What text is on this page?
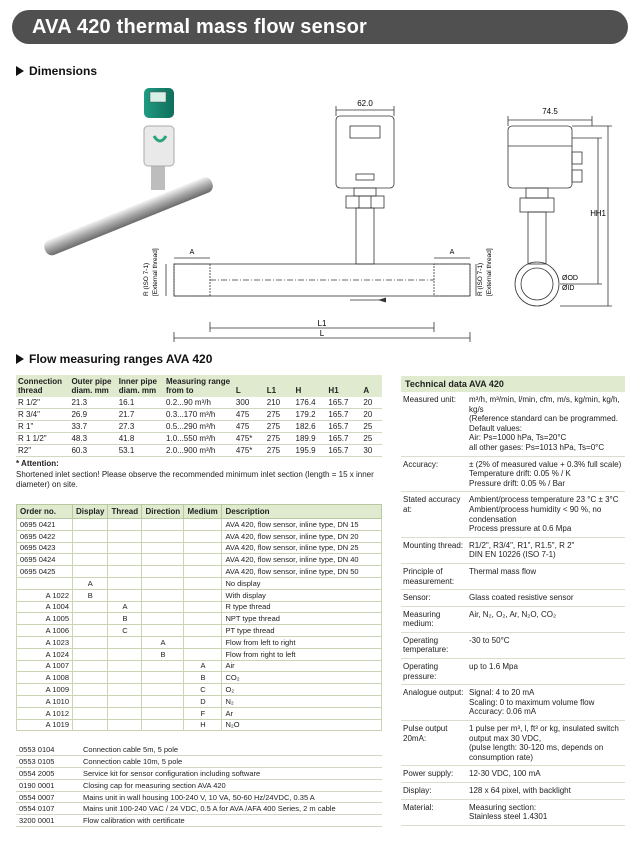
AVA 420 thermal mass flow sensor
Dimensions
62.0
74.5
A	A
L1
L
H H1
ØOD
ØID
R (ISO 7-1) [External thread]	R (ISO 7-1) [External thread]
Flow measuring ranges AVA 420
Connection thread	Outer pipe diam. mm	Inner pipe diam. mm	Measuring range from to	L	L1	H	H1	A
R 1/2"	21.3	16.1	0.2...90 m³/h	300	210	176.4	165.7	20
R 3/4"	26.9	21.7	0.3...170 m³/h	475	275	179.2	165.7	20
R 1"	33.7	27.3	0.5...290 m³/h	475	275	182.6	165.7	25
R 1 1/2"	48.3	41.8	1.0...550 m³/h	475*	275	189.9	165.7	25
R2"	60.3	53.1	2.0...900 m³/h	475*	275	195.9	165.7	30
* Attention:
Shortened inlet section! Please observe the recommended minimum inlet section (length = 15 x inner diameter) on site.
Order no.	Display	Thread	Direction	Medium	Description
0695 0421					AVA 420, flow sensor, inline type, DN 15
0695 0422					AVA 420, flow sensor, inline type, DN 20
0695 0423					AVA 420, flow sensor, inline type, DN 25
0695 0424					AVA 420, flow sensor, inline type, DN 40
0695 0425					AVA 420, flow sensor, inline type, DN 50
	A				No display
A 1022	B				With display
A 1004		A			R type thread
A 1005		B			NPT type thread
A 1006		C			PT type thread
A 1023			A		Flow from left to right
A 1024			B		Flow from right to left
A 1007				A	Air
A 1008				B	CO₂
A 1009				C	O₂
A 1010				D	N₂
A 1012				F	Ar
A 1019				H	N₂O
0553 0104	Connection cable 5m, 5 pole
0553 0105	Connection cable 10m, 5 pole
0554 2005	Service kit for sensor configuration including software
0190 0001	Closing cap for measuring section AVA 420
0554 0007	Mains unit in wall housing 100-240 V, 10 VA, 50-60 Hz/24VDC, 0.35 A
0554 0107	Mains unit 100-240 VAC / 24 VDC, 0.5 A for AVA /AFA 400 Series, 2 m cable
3200 0001	Flow calibration with certificate
Technical data AVA 420
Measured unit:	m³/h, m³/min, l/min, cfm, m/s, kg/min, kg/h, kg/s
(Reference standard can be programmed. Default values:
Air: Ps=1000 hPa, Ts=20°C
all other gases: Ps=1013 hPa, Ts=0°C
Accuracy:	± (2% of measured value + 0.3% full scale)
Temperature drift: 0.05 % / K
Pressure drift: 0.05 % / Bar
Stated accuracy at:	Ambient/process temperature 23 °C ± 3°C
Ambient/process humidity < 90 %, no condensation
Process pressure at 0.6 Mpa
Mounting thread:	R1/2", R3/4", R1", R1.5", R 2"
DIN EN 10226 (ISO 7-1)
Principle of measurement:	Thermal mass flow
Sensor:	Glass coated resistive sensor
Measuring medium:	Air, N₂, O₂, Ar, N₂O, CO₂
Operating temperature:	-30 to 50°C
Operating pressure:	up to 1.6 Mpa
Analogue output:	Signal: 4 to 20 mA
Scaling: 0 to maximum volume flow
Accuracy: 0.06 mA
Pulse output 20mA:	1 pulse per m³, l, ft³ or kg, insulated switch output max 30 VDC,
(pulse length: 30-120 ms, depends on consumption rate)
Power supply:	12-30 VDC, 100 mA
Display:	128 x 64 pixel, with backlight
Material:	Measuring section:
Stainless steel 1.4301
